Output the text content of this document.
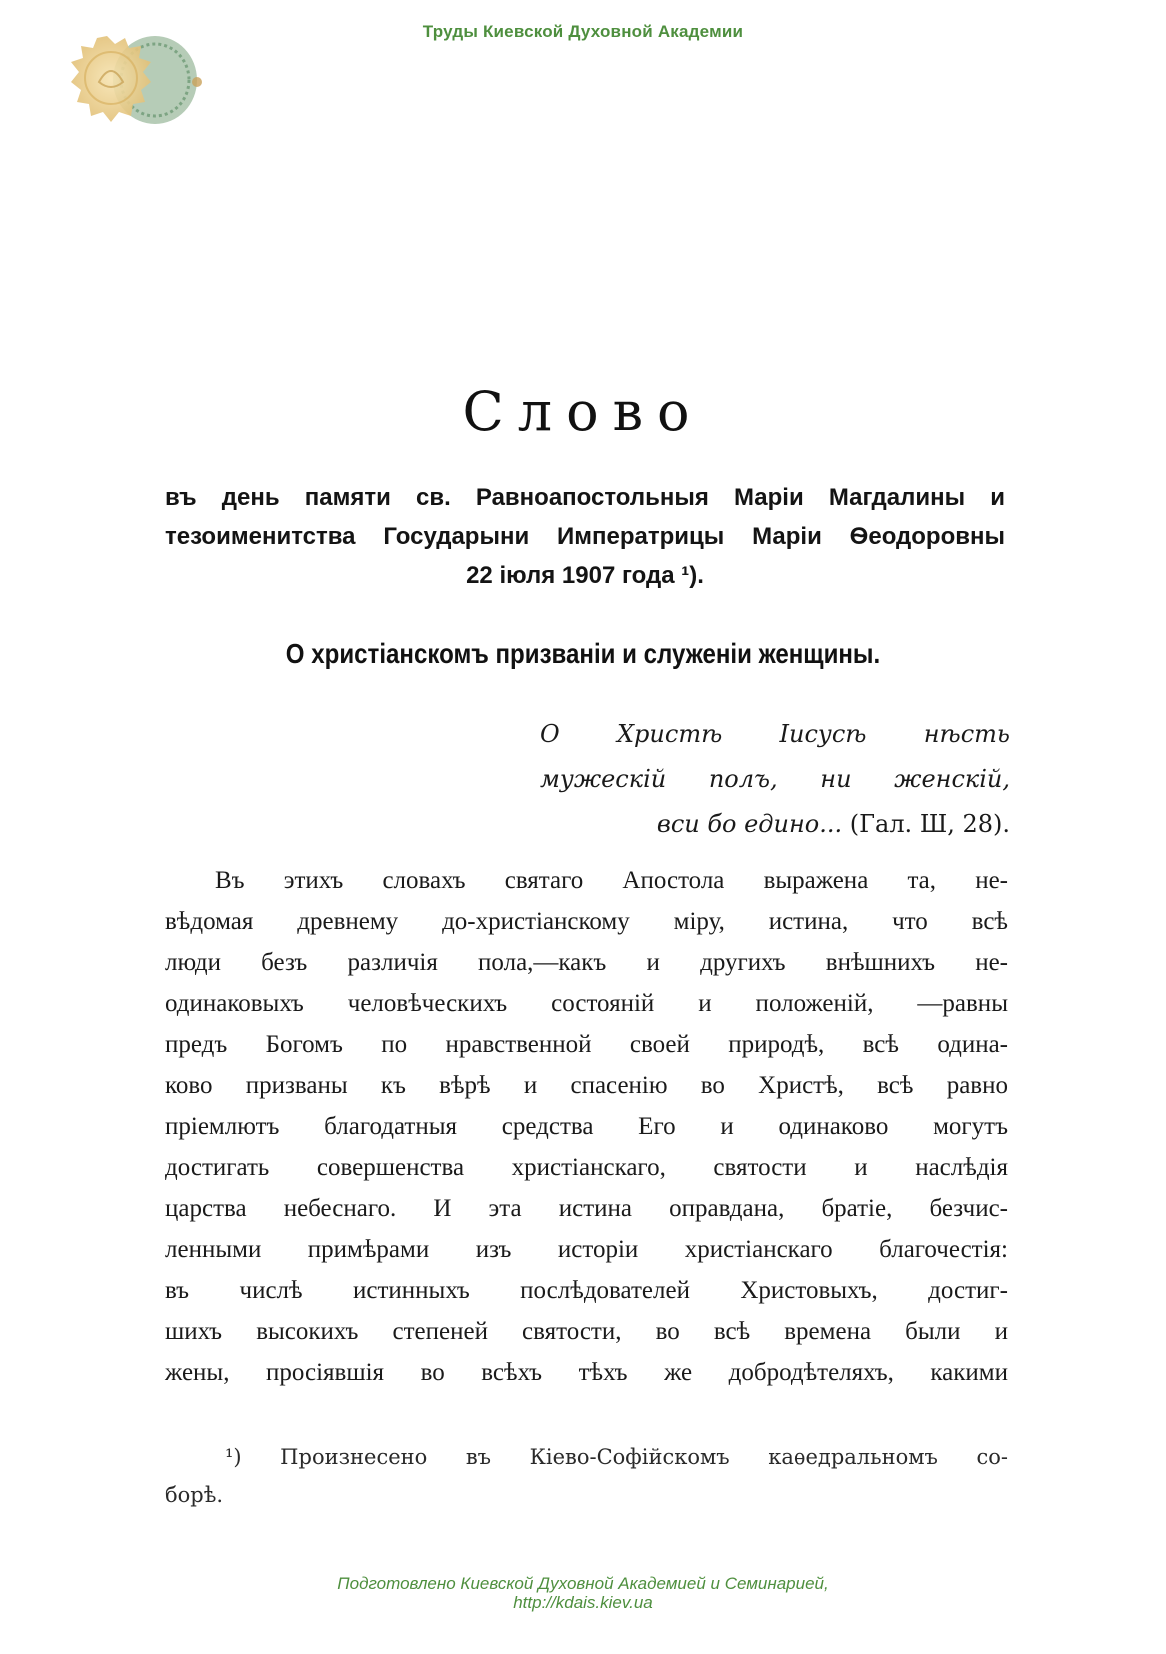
Труды Киевской Духовной Академии
Слово
въ день памяти св. Равноапостольныя Маріи Магдалины и
тезоименитства Государыни Императрицы Маріи Ѳеодоровны
22 іюля 1907 года ¹).
О христіанскомъ призваніи и служеніи женщины.
О Христѣ Іисусѣ нѣсть
мужескій полъ, ни женскій,
вси бо едино... (Гал. Ш, 28).
Въ этихъ словахъ святаго Апостола выражена та, не-
вѣдомая древнему до-христіанскому міру, истина, что всѣ
люди безъ различія пола,—какъ и другихъ внѣшнихъ не-
одинаковыхъ человѣческихъ состояній и положеній, —равны
предъ Богомъ по нравственной своей природѣ, всѣ одина-
ково призваны къ вѣрѣ и спасенію во Христѣ, всѣ равно
пріемлютъ благодатныя средства Его и одинаково могутъ
достигать совершенства христіанскаго, святости и наслѣдія
царства небеснаго. И эта истина оправдана, братіе, безчис-
ленными примѣрами изъ исторіи христіанскаго благочестія:
въ числѣ истинныхъ послѣдователей Христовыхъ, достиг-
шихъ высокихъ степеней святости, во всѣ времена были и
жены, просіявшія во всѣхъ тѣхъ же добродѣтеляхъ, какими
¹) Произнесено въ Кіево-Софійскомъ каѳедральномъ со-
борѣ.
Подготовлено Киевской Духовной Академией и Семинарией,
http://kdais.kiev.ua
